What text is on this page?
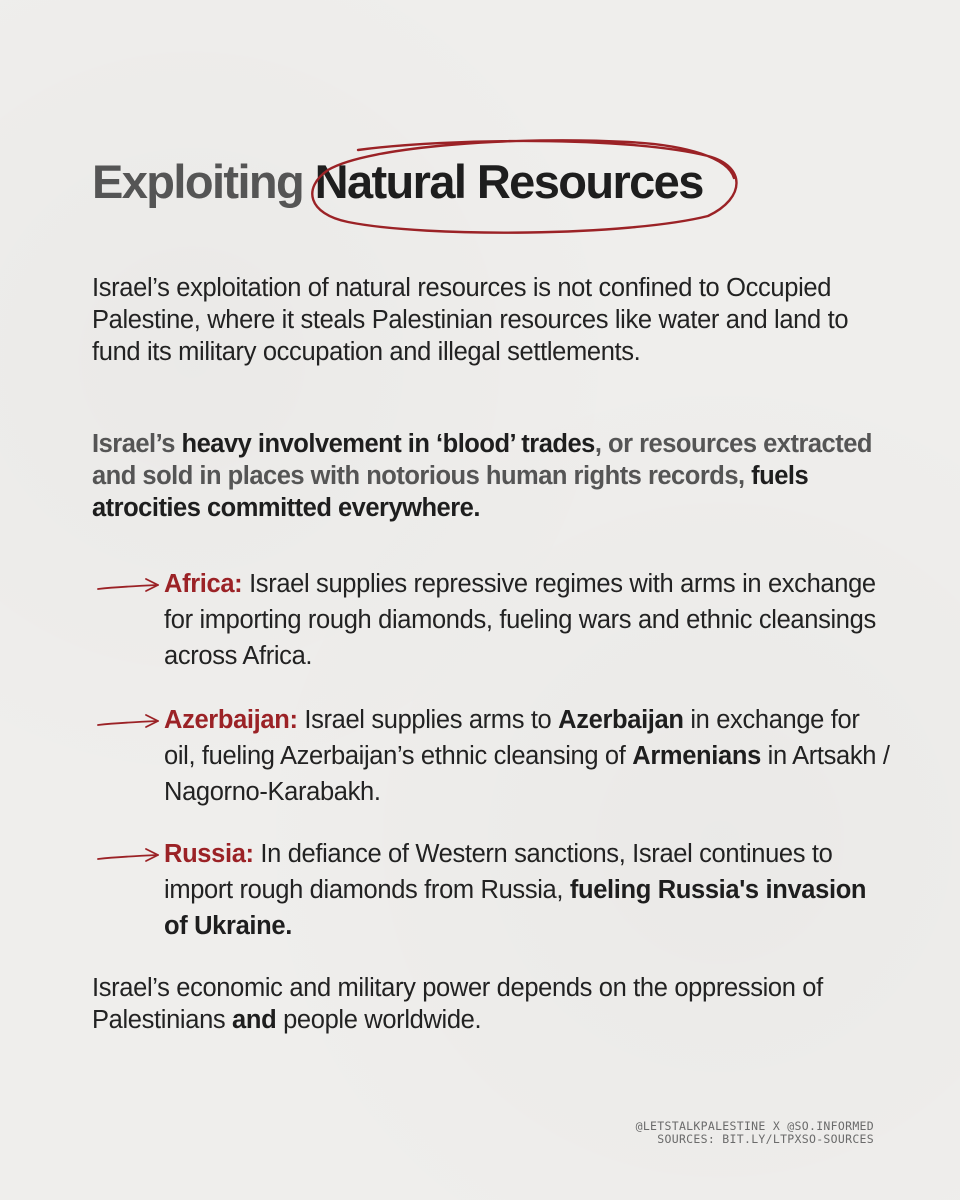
Exploiting Natural Resources

Israel’s exploitation of natural resources is not confined to Occupied Palestine, where it steals Palestinian resources like water and land to fund its military occupation and illegal settlements.

Israel’s heavy involvement in ‘blood’ trades, or resources extracted and sold in places with notorious human rights records, fuels atrocities committed everywhere.

Africa: Israel supplies repressive regimes with arms in exchange for importing rough diamonds, fueling wars and ethnic cleansings across Africa.

Azerbaijan: Israel supplies arms to Azerbaijan in exchange for oil, fueling Azerbaijan’s ethnic cleansing of Armenians in Artsakh / Nagorno-Karabakh.

Russia: In defiance of Western sanctions, Israel continues to import rough diamonds from Russia, fueling Russia's invasion of Ukraine.

Israel’s economic and military power depends on the oppression of Palestinians and people worldwide.

@LETSTALKPALESTINE X @SO.INFORMED
SOURCES: BIT.LY/LTPXSO-SOURCES
